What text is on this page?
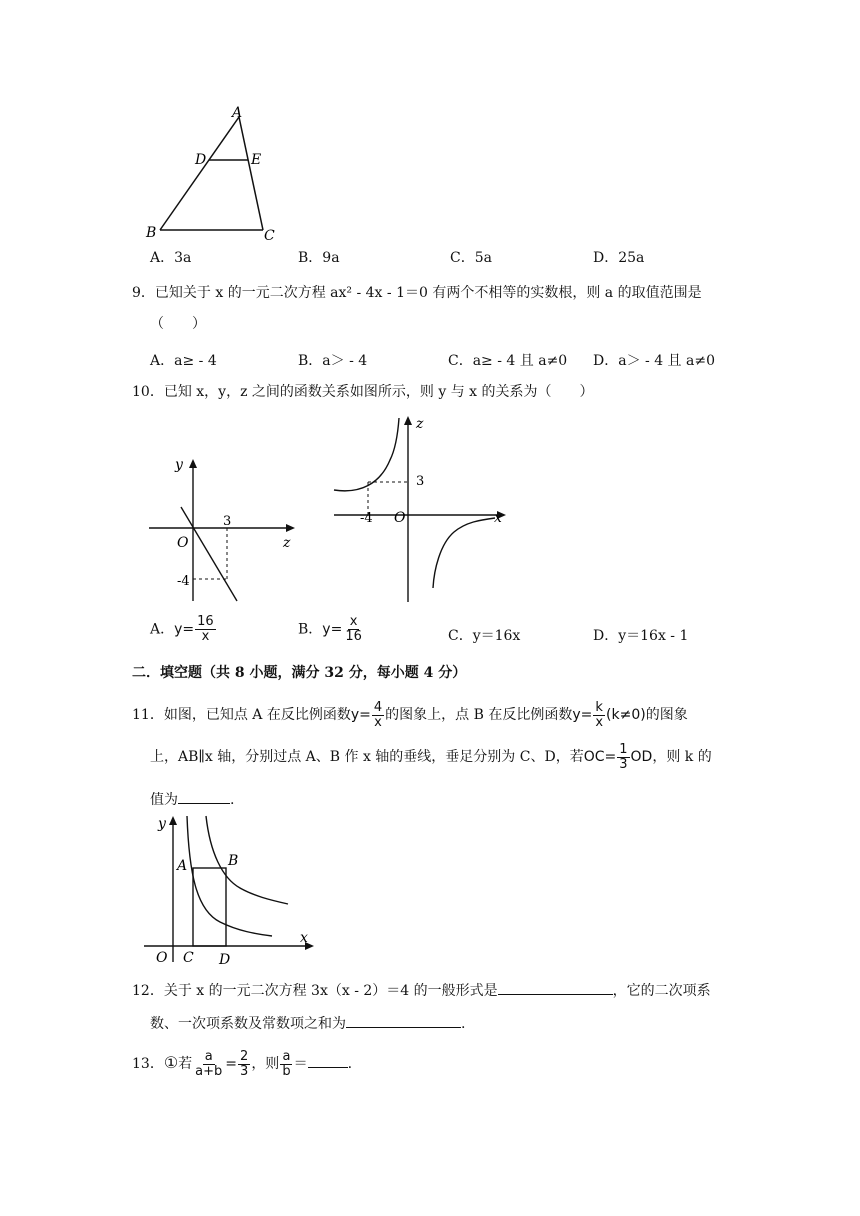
A
D	E
B	C
A．3a	B．9a	C．5a	D．25a
9．已知关于 x 的一元二次方程 ax² - 4x - 1＝0 有两个不相等的实数根，则 a 的取值范围是
（　　）
A．a≥ - 4	B．a＞ - 4	C．a≥ - 4 且 a≠0 D．a＞ - 4 且 a≠0
10．已知 x，y，z 之间的函数关系如图所示，则 y 与 x 的关系为（　　）
y
z
O
3
-4
z
x
O
-4
3
A．$y= \frac{16}{x}$	B．$y= \frac{x}{16}$	C．y＝16x	D．y＝16x - 1
二．填空题（共 8 小题，满分 32 分，每小题 4 分）
11．如图，已知点 A 在反比例函数$y= \frac{4}{x}$ 的图象上，点 B 在反比例函数$y= \frac{k}{x} (k\ne 0)$的图象
上，AB∥x 轴，分别过点 A、B 作 x 轴的垂线，垂足分别为 C、D，若$OC= \frac{1}{3}$ OD，则 k 的
值为	.
y
x
O
A	B
C D
12．关于 x 的一元二次方程 3x（x - 2）＝4 的一般形式是	，它的二次项系
数、一次项系数及常数项之和为	.
13．①若 $\frac{a}{a+b} = \frac{2}{3}$ ，则 $\frac{a}{b}$ ＝	.
